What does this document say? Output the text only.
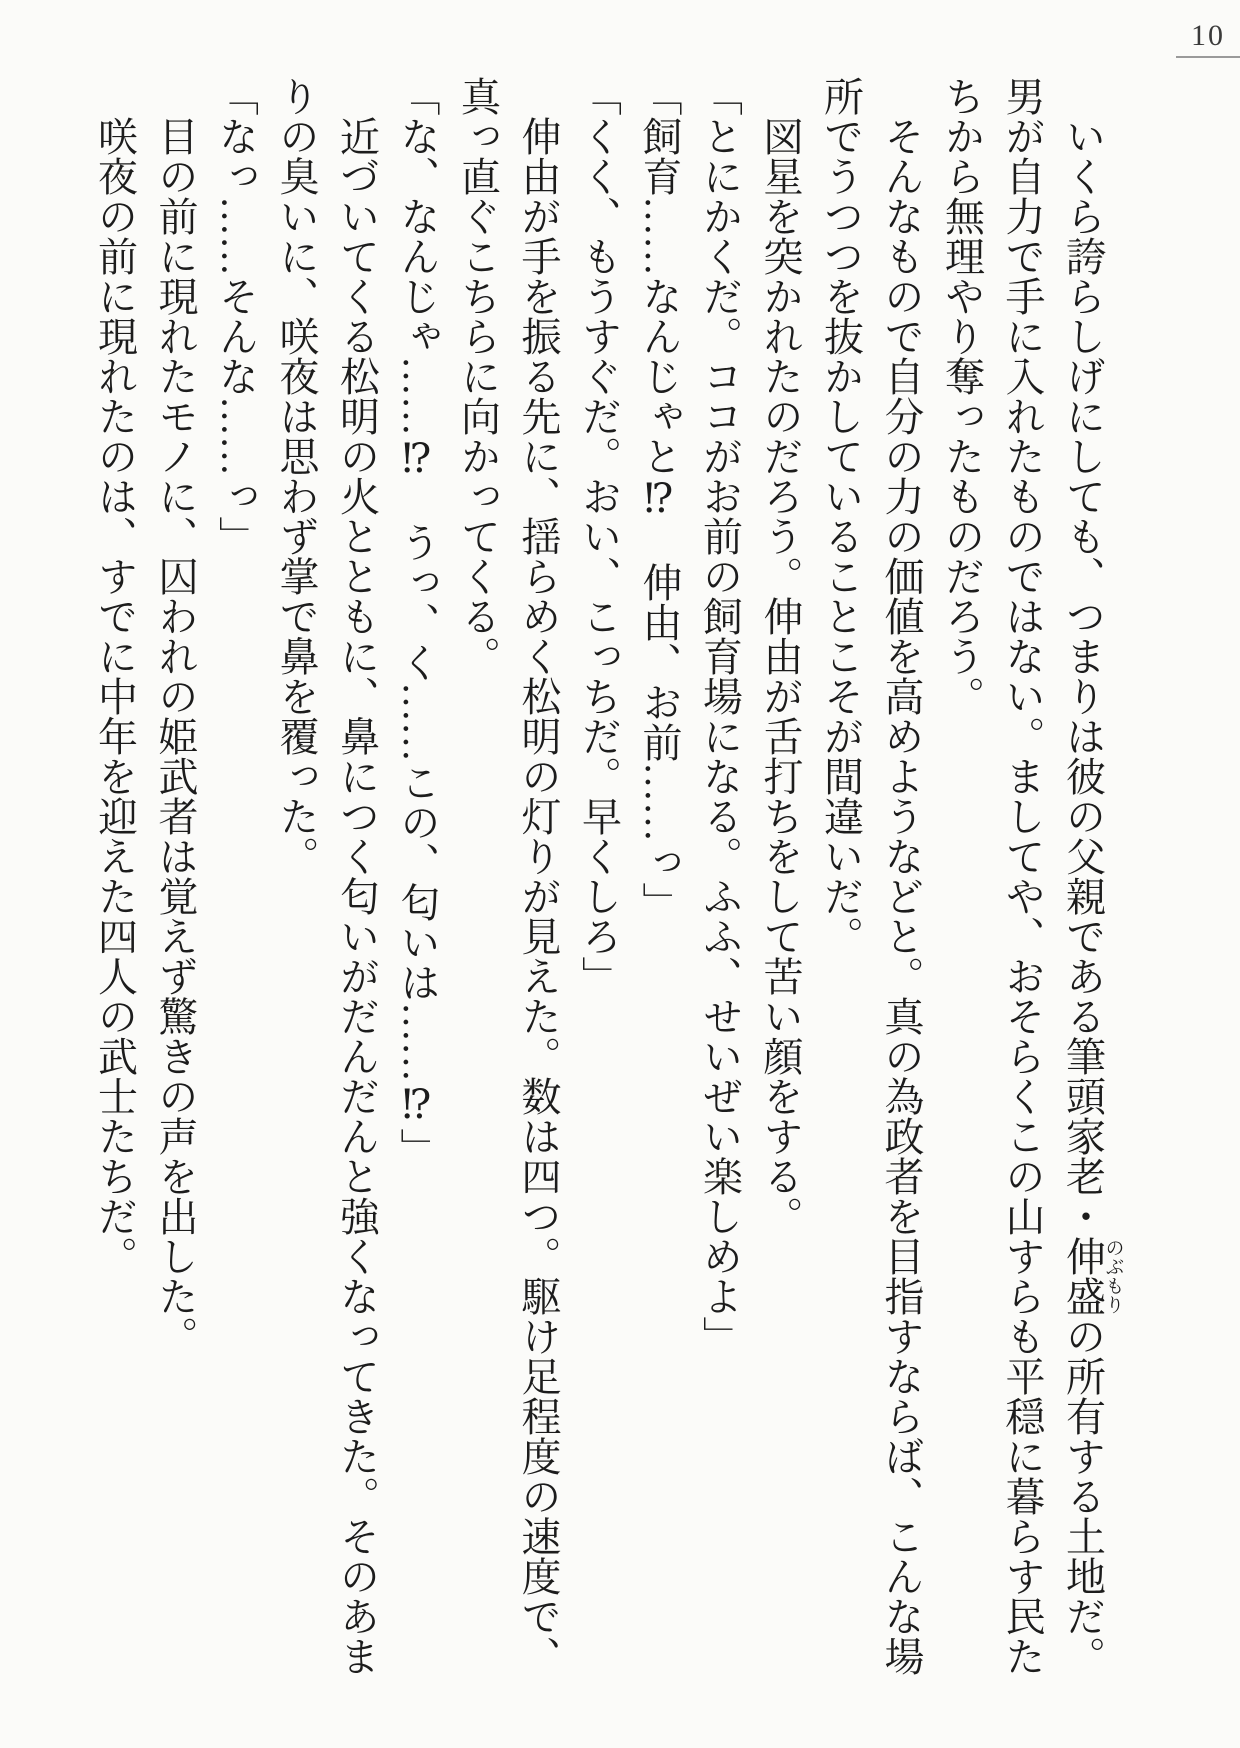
10
　いくら誇らしげにしても、つまりは彼の父親である筆頭家老・伸盛のぶもりの所有する土地だ。
男が自力で手に入れたものではない。ましてや、おそらくこの山すらも平穏に暮らす民た
ちから無理やり奪ったものだろう。
　そんなもので自分の力の価値を高めようなどと。真の為政者を目指すならば、こんな場
所でうつつを抜かしていることこそが間違いだ。
　図星を突かれたのだろう。伸由が舌打ちをして苦い顔をする。
「とにかくだ。ココがお前の飼育場になる。ふふ、せいぜい楽しめよ」
「飼育……なんじゃと⁉　伸由、お前……っ」
「くく、もうすぐだ。おい、こっちだ。早くしろ」
　伸由が手を振る先に、揺らめく松明の灯りが見えた。数は四つ。駆け足程度の速度で、
真っ直ぐこちらに向かってくる。
「な、なんじゃ……⁉　うっ、く……この、匂いは……⁉」
　近づいてくる松明の火とともに、鼻につく匂いがだんだんと強くなってきた。そのあま
りの臭いに、咲夜は思わず掌で鼻を覆った。
「なっ……そんな……っ」
　目の前に現れたモノに、囚われの姫武者は覚えず驚きの声を出した。
　咲夜の前に現れたのは、すでに中年を迎えた四人の武士たちだ。
